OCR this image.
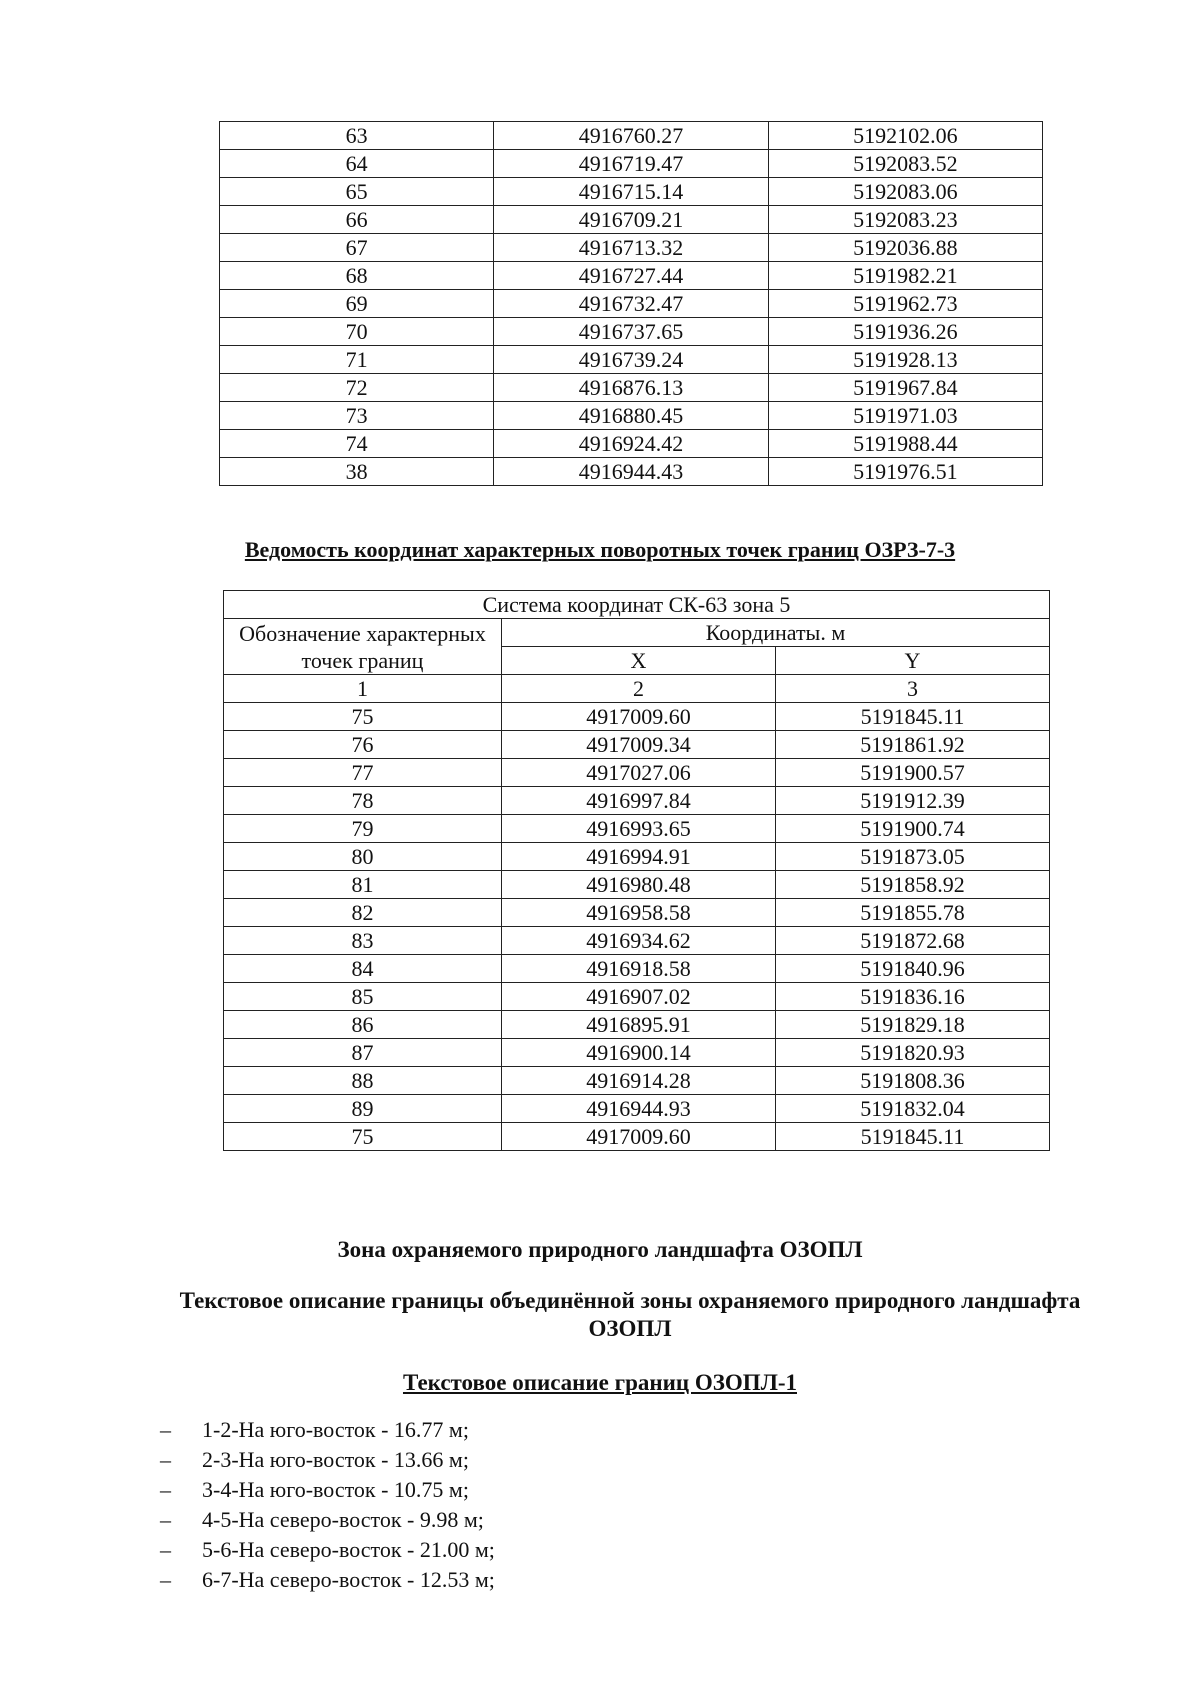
63	4916760.27	5192102.06
64	4916719.47	5192083.52
65	4916715.14	5192083.06
66	4916709.21	5192083.23
67	4916713.32	5192036.88
68	4916727.44	5191982.21
69	4916732.47	5191962.73
70	4916737.65	5191936.26
71	4916739.24	5191928.13
72	4916876.13	5191967.84
73	4916880.45	5191971.03
74	4916924.42	5191988.44
38	4916944.43	5191976.51
Ведомость координат характерных поворотных точек границ ОЗРЗ-7-3
Система координат СК-63 зона 5		
Обозначение характерных точек границ	Координаты. м	
	X	Y
1	2	3
75	4917009.60	5191845.11
76	4917009.34	5191861.92
77	4917027.06	5191900.57
78	4916997.84	5191912.39
79	4916993.65	5191900.74
80	4916994.91	5191873.05
81	4916980.48	5191858.92
82	4916958.58	5191855.78
83	4916934.62	5191872.68
84	4916918.58	5191840.96
85	4916907.02	5191836.16
86	4916895.91	5191829.18
87	4916900.14	5191820.93
88	4916914.28	5191808.36
89	4916944.93	5191832.04
75	4917009.60	5191845.11
Зона охраняемого природного ландшафта ОЗОПЛ
Текстовое описание границы объединённой зоны охраняемого природного ландшафта ОЗОПЛ
Текстовое описание границ ОЗОПЛ-1
– 1-2-На юго-восток - 16.77 м;
– 2-3-На юго-восток - 13.66 м;
– 3-4-На юго-восток - 10.75 м;
– 4-5-На северо-восток - 9.98 м;
– 5-6-На северо-восток - 21.00 м;
– 6-7-На северо-восток - 12.53 м;
